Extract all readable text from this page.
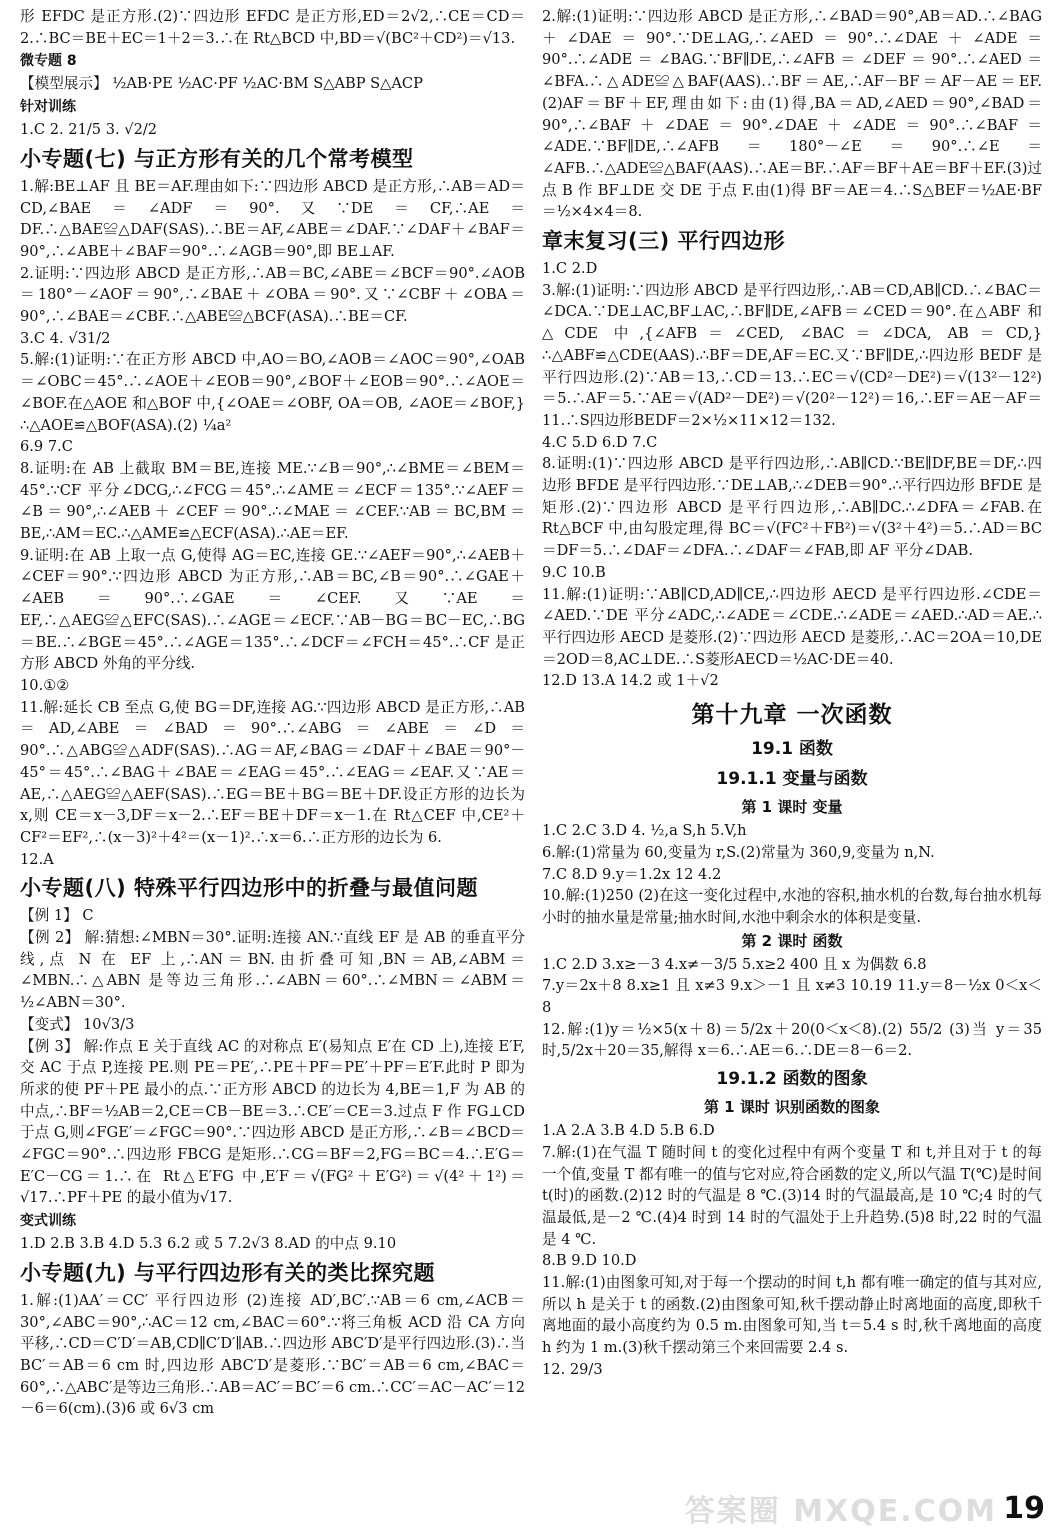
形 EFDC 是正方形.(2)∵四边形 EFDC 是正方形,ED＝2√2,∴CE＝CD＝2.∴BC＝BE＋EC＝1＋2＝3.∴在 Rt△BCD 中,BD＝√(BC²＋CD²)＝√13.
微专题 8
【模型展示】 ½AB·PE ½AC·PF ½AC·BM S△ABP S△ACP
针对训练
1.C 2. 21/5 3. √2/2
小专题(七) 与正方形有关的几个常考模型
1.解:BE⊥AF 且 BE＝AF.理由如下:∵四边形 ABCD 是正方形,∴AB＝AD＝CD,∠BAE＝∠ADF＝90°.又∵DE＝CF,∴AE＝DF.∴△BAE≌△DAF(SAS).∴BE＝AF,∠ABE＝∠DAF.∵∠DAF＋∠BAF＝90°,∴∠ABE＋∠BAF＝90°.∴∠AGB＝90°,即 BE⊥AF.
2.证明:∵四边形 ABCD 是正方形,∴AB＝BC,∠ABE＝∠BCF＝90°.∠AOB＝180°－∠AOF＝90°,∴∠BAE＋∠OBA＝90°.又∵∠CBF＋∠OBA＝90°,∴∠BAE＝∠CBF.∴△ABE≌△BCF(ASA).∴BE＝CF.
3.C 4. √31/2
5.解:(1)证明:∵在正方形 ABCD 中,AO＝BO,∠AOB＝∠AOC＝90°,∠OAB＝∠OBC＝45°.∴∠AOE＋∠EOB＝90°,∠BOF＋∠EOB＝90°.∴∠AOE＝∠BOF.在△AOE 和△BOF 中,{∠OAE＝∠OBF, OA＝OB, ∠AOE＝∠BOF,} ∴△AOE≌△BOF(ASA).(2) ¼a²
6.9 7.C
8.证明:在 AB 上截取 BM＝BE,连接 ME.∵∠B＝90°,∴∠BME＝∠BEM＝45°.∵CF 平分∠DCG,∴∠FCG＝45°.∴∠AME＝∠ECF＝135°.∵∠AEF＝∠B＝90°,∴∠AEB＋∠CEF＝90°.∴∠MAE＝∠CEF.∵AB＝BC,BM＝BE,∴AM＝EC.∴△AME≌△ECF(ASA).∴AE＝EF.
9.证明:在 AB 上取一点 G,使得 AG＝EC,连接 GE.∵∠AEF＝90°,∴∠AEB＋∠CEF＝90°.∵四边形 ABCD 为正方形,∴AB＝BC,∠B＝90°.∴∠GAE＋∠AEB＝90°.∴∠GAE＝∠CEF.又∵AE＝EF,∴△AEG≌△EFC(SAS).∴∠AGE＝∠ECF.∵AB－BG＝BC－EC,∴BG＝BE.∴∠BGE＝45°.∴∠AGE＝135°.∴∠DCF＝∠FCH＝45°.∴CF 是正方形 ABCD 外角的平分线.
10.①②
11.解:延长 CB 至点 G,使 BG＝DF,连接 AG.∵四边形 ABCD 是正方形,∴AB＝AD,∠ABE＝∠BAD＝90°.∴∠ABG＝∠ABE＝∠D＝90°.∴△ABG≌△ADF(SAS).∴AG＝AF,∠BAG＝∠DAF＋∠BAE＝90°－45°＝45°.∴∠BAG＋∠BAE＝∠EAG＝45°.∴∠EAG＝∠EAF.又∵AE＝AE,∴△AEG≌△AEF(SAS).∴EG＝BE＋BG＝BE＋DF.设正方形的边长为 x,则 CE＝x－3,DF＝x－2.∴EF＝BE＋DF＝x－1.在 Rt△CEF 中,CE²＋CF²＝EF²,∴(x－3)²＋4²＝(x－1)².∴x＝6.∴正方形的边长为 6.
12.A
小专题(八) 特殊平行四边形中的折叠与最值问题
【例 1】 C
【例 2】 解:猜想:∠MBN＝30°.证明:连接 AN.∵直线 EF 是 AB 的垂直平分线,点 N 在 EF 上,∴AN＝BN.由折叠可知,BN＝AB,∠ABM＝∠MBN.∴△ABN 是等边三角形.∴∠ABN＝60°.∴∠MBN＝∠ABM＝½∠ABN＝30°.
【变式】 10√3/3
【例 3】 解:作点 E 关于直线 AC 的对称点 E′(易知点 E′在 CD 上),连接 E′F,交 AC 于点 P,连接 PE.则 PE＝PE′,∴PE＋PF＝PE′＋PF＝E′F.此时 P 即为所求的使 PF＋PE 最小的点.∵正方形 ABCD 的边长为 4,BE＝1,F 为 AB 的中点,∴BF＝½AB＝2,CE＝CB－BE＝3.∴CE′＝CE＝3.过点 F 作 FG⊥CD 于点 G,则∠FGE′＝∠FGC＝90°.∵四边形 ABCD 是正方形,∴∠B＝∠BCD＝∠FGC＝90°.∴四边形 FBCG 是矩形.∴CG＝BF＝2,FG＝BC＝4.∴E′G＝E′C－CG＝1.∴在 Rt△E′FG 中,E′F＝√(FG²＋E′G²)＝√(4²＋1²)＝√17.∴PF＋PE 的最小值为√17.
变式训练
1.D 2.B 3.B 4.D 5.3 6.2 或 5 7.2√3 8.AD 的中点 9.10
小专题(九) 与平行四边形有关的类比探究题
1.解:(1)AA′＝CC′ 平行四边形 (2)连接 AD′,BC′.∵AB＝6 cm,∠ACB＝30°,∠ABC＝90°,∴AC＝12 cm,∠BAC＝60°.∵将三角板 ACD 沿 CA 方向平移,∴CD＝C′D′＝AB,CD∥C′D′∥AB.∴四边形 ABC′D′是平行四边形.(3)∴当 BC′＝AB＝6 cm 时,四边形 ABC′D′是菱形.∵BC′＝AB＝6 cm,∠BAC＝60°,∴△ABC′是等边三角形.∴AB＝AC′＝BC′＝6 cm.∴CC′＝AC－AC′＝12－6＝6(cm).(3)6 或 6√3 cm
2.解:(1)证明:∵四边形 ABCD 是正方形,∴∠BAD＝90°,AB＝AD.∴∠BAG＋∠DAE＝90°.∵DE⊥AG,∴∠AED＝90°.∴∠DAE＋∠ADE＝90°.∴∠ADE＝∠BAG.∵BF∥DE,∴∠AFB＝∠DEF＝90°.∴∠AED＝∠BFA.∴△ADE≌△BAF(AAS).∴BF＝AE,∴AF－BF＝AF－AE＝EF.(2)AF＝BF＋EF,理由如下:由(1)得,BA＝AD,∠AED＝90°,∠BAD＝90°,∴∠BAF＋∠DAE＝90°.∠DAE＋∠ADE＝90°.∴∠BAF＝∠ADE.∵BF∥DE,∴∠AFB＝180°－∠E＝90°.∴∠E＝∠AFB.∴△ADE≌△BAF(AAS).∴AE＝BF.∴AF＝BF＋AE＝BF＋EF.(3)过点 B 作 BF⊥DE 交 DE 于点 F.由(1)得 BF＝AE＝4.∴S△BEF＝½AE·BF＝½×4×4＝8.
章末复习(三) 平行四边形
1.C 2.D
3.解:(1)证明:∵四边形 ABCD 是平行四边形,∴AB＝CD,AB∥CD.∴∠BAC＝∠DCA.∵DE⊥AC,BF⊥AC,∴BF∥DE,∠AFB＝∠CED＝90°.在△ABF 和△CDE 中,{∠AFB＝∠CED, ∠BAC＝∠DCA, AB＝CD,} ∴△ABF≌△CDE(AAS).∴BF＝DE,AF＝EC.又∵BF∥DE,∴四边形 BEDF 是平行四边形.(2)∵AB＝13,∴CD＝13.∴EC＝√(CD²－DE²)＝√(13²－12²)＝5.∴AF＝5.∵AE＝√(AD²－DE²)＝√(20²－12²)＝16,∴EF＝AE－AF＝11.∴S四边形BEDF＝2×½×11×12＝132.
4.C 5.D 6.D 7.C
8.证明:(1)∵四边形 ABCD 是平行四边形,∴AB∥CD.∵BE∥DF,BE＝DF,∴四边形 BFDE 是平行四边形.∵DE⊥AB,∴∠DEB＝90°.∴平行四边形 BFDE 是矩形.(2)∵四边形 ABCD 是平行四边形,∴AB∥DC.∴∠DFA＝∠FAB.在 Rt△BCF 中,由勾股定理,得 BC＝√(FC²＋FB²)＝√(3²＋4²)＝5.∴AD＝BC＝DF＝5.∴∠DAF＝∠DFA.∴∠DAF＝∠FAB,即 AF 平分∠DAB.
9.C 10.B
11.解:(1)证明:∵AB∥CD,AD∥CE,∴四边形 AECD 是平行四边形.∠CDE＝∠AED.∵DE 平分∠ADC,∴∠ADE＝∠CDE.∴∠ADE＝∠AED.∴AD＝AE.∴平行四边形 AECD 是菱形.(2)∵四边形 AECD 是菱形,∴AC＝2OA＝10,DE＝2OD＝8,AC⊥DE.∴S菱形AECD＝½AC·DE＝40.
12.D 13.A 14.2 或 1＋√2
第十九章 一次函数
19.1 函数
19.1.1 变量与函数
第 1 课时 变量
1.C 2.C 3.D 4. ½,a S,h 5.V,h
6.解:(1)常量为 60,变量为 r,S.(2)常量为 360,9,变量为 n,N.
7.C 8.D 9.y＝1.2x 12 4.2
10.解:(1)250 (2)在这一变化过程中,水池的容积,抽水机的台数,每台抽水机每小时的抽水量是常量;抽水时间,水池中剩余水的体积是变量.
第 2 课时 函数
1.C 2.D 3.x≥－3 4.x≠－3/5 5.x≥2 400 且 x 为偶数 6.8
7.y＝2x＋8 8.x≥1 且 x≠3 9.x＞－1 且 x≠3 10.19 11.y＝8－½x 0＜x＜8
12.解:(1)y＝½×5(x＋8)＝5/2x＋20(0＜x＜8).(2) 55/2 (3)当 y＝35 时,5/2x＋20＝35,解得 x＝6.∴AE＝6.∴DE＝8－6＝2.
19.1.2 函数的图象
第 1 课时 识别函数的图象
1.A 2.A 3.B 4.D 5.B 6.D
7.解:(1)在气温 T 随时间 t 的变化过程中有两个变量 T 和 t,并且对于 t 的每一个值,变量 T 都有唯一的值与它对应,符合函数的定义,所以气温 T(℃)是时间 t(时)的函数.(2)12 时的气温是 8 ℃.(3)14 时的气温最高,是 10 ℃;4 时的气温最低,是－2 ℃.(4)4 时到 14 时的气温处于上升趋势.(5)8 时,22 时的气温是 4 ℃.
8.B 9.D 10.D
11.解:(1)由图象可知,对于每一个摆动的时间 t,h 都有唯一确定的值与其对应,所以 h 是关于 t 的函数.(2)由图象可知,秋千摆动静止时离地面的高度,即秋千离地面的最小高度约为 0.5 m.由图象可知,当 t＝5.4 s 时,秋千离地面的高度 h 约为 1 m.(3)秋千摆动第三个来回需要 2.4 s.
12. 29/3
答案圈 MXQE.COM 19
